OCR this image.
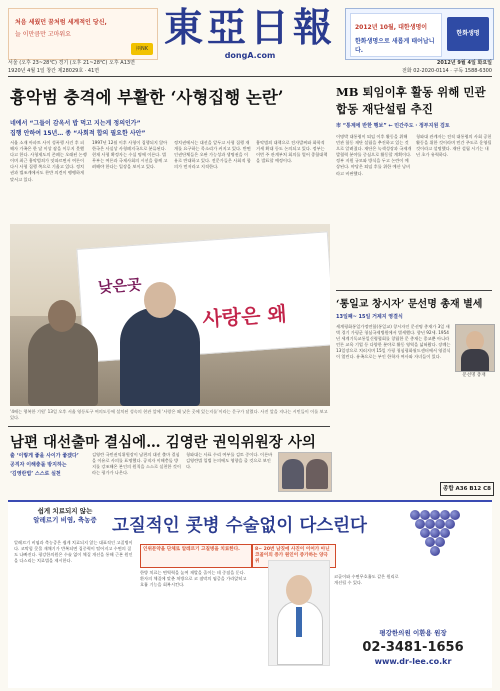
처음 세웠던 꿈처럼 세계적인 당신,
늘 이만큼만 고마워요
㈜NK 東亞日報
dongA.com
2012년 10월, 대한생명이
한화생명으로 새롭게 태어납니다.
한화생명
서울 (오후 23~28℃) 경기 (오후 21~28℃) 오후 A13면
1920년 4월 1일 창간 제28029호 · 41면
2012년 9월 4일 화요일
전화 02-2020-0114 · 구독 1588-6300
흉악범 충격에 부활한 ‘사형집행 논란’
네에서 “그들이 감옥서 밥 먹고 지는게 정의인가”
집행 안하여 15년… 종 “사회적 합의 필요한 사안”
서울 소재 아파트 사이 성폭행 사건 후 피해자 가족은 한 달 이상 잠을 이루지 못했다고 한다. 사형제도의 존폐는 오래된 논쟁이며 최근 흉악범죄가 잇따르면서 여론이 다시 사형 집행 쪽으로 기울고 있다. 정치권과 법조계에서도 찬반 의견이 팽팽하게 맞서고 있다.
1997년 12월 이후 사형이 집행되지 않아 한국은 사실상 사형폐지국으로 분류된다. 현재 사형 확정자는 수십 명에 이른다. 법무부는 여론과 국제사회의 시선을 함께 고려해야 한다는 입장을 보이고 있다.
정치권에서는 대선을 앞두고 사형 집행 재개를 요구하는 목소리가 커지고 있다. 반면 인권단체들은 오판 가능성과 생명권을 이유로 반대하고 있다. 전문가들은 사회적 합의가 먼저라고 지적한다.
흉악범죄 대책으로 전자발찌와 화학적 거세 확대 등도 논의되고 있다. 정부는 이번 주 관계부처 회의를 열어 종합대책을 발표할 예정이다.
낮은곳
사랑은 왜
‘4배는 행복한 기원’ 13일 오후 서울 영등포구 여의도동에 설치된 성숙의 현관 앞에 ‘사랑은 왜 낮은 곳에 있는지를’이라는 문구가 달렸다. 사진 앞을 지나는 시민들이 이를 보고 있다.
남편 대선출마 결심에… 김영란 권익위원장 사의
출 ‘이렇게 좋을 사이가 좋겠다’
공직자 이해충돌 방지하는
‘김영란법’ 스스로 실천
김영란 국민권익위원장이 남편의 대선 출마 결심을 이유로 사의를 표명했다. 공직자 이해충돌 방지를 강조해온 본인의 원칙을 스스로 실천한 것이라는 평가가 나온다.
청와대는 사표 수리 여부를 검토 중이다. 이른바 김영란법 입법 논의에도 영향을 줄 것으로 보인다.
MB 퇴임이후 활동 위해 민관합동 재단설립 추진
市 “통계에 반한 행보” ← 민간주도 · 정부지원 검토
이명박 대통령이 퇴임 이후 활동을 위해 민관 합동 재단 설립을 추진하고 있는 것으로 알려졌다. 재단은 녹색성장과 국제개발협력 분야를 중심으로 활동할 계획이다. 정부 지원 규모와 방식을 두고 논란이 예상된다. 야당은 퇴임 후를 위한 예산 낭비라고 비판했다.
청와대 관계자는 전직 대통령의 사회 공헌 활동을 위한 것이라며 민간 주도로 운영될 것이라고 설명했다. 재단 설립 시기는 내년 초가 유력하다.
‘통일교 창시자’ 문선명 총재 별세
13일째~ 15일 거제지 영결식
문선명 총재
세계평화통일가정연합(통일교) 창시자인 문선명 총재가 3일 새벽 경기 가평군 청심국제병원에서 별세했다. 향년 92세. 1954년 세계기독교통일신령협회를 창립한 문 총재는 종교뿐 아니라 언론 교육 기업 등 다양한 분야로 활동 영역을 넓혀왔다. 장례는 13일장으로 치러지며 15일 가평 청심평화월드센터에서 영결식이 열린다. 유족으로는 부인 한학자 여사와 자녀들이 있다.
종합 A36 B12 C8
쉽게 치료되지 않는
알레르기 비염, 축농증 고질적인 콧병 수술없이 다스린다
알레르기 비염과 축농증은 쉽게 치료되지 않는 대표적인 고질병이다. 코막힘 콧물 재채기가 반복되면 집중력이 떨어지고 수면의 질도 나빠진다. 평강한의원은 수술 없이 체질 개선을 통해 근본 원인을 다스리는 치료법을 제시한다.
인위문약을 단체로 알레르기 고질병을 치료한다.
한방 치료는 면역력을 높여 재발을 줄이는 데 중점을 둔다. 환자의 체질에 맞춘 처방으로 코 점막의 염증을 가라앉히고 호흡 기능을 회복시킨다.
8~ 20번 남짓에 사진이 이어가 아닌 코골이의 증가 원인이 증가하는 양극 위
코골이와 수면무호흡도 같은 원리로 개선될 수 있다.
평강한의원 이환용 원장
02-3481-1656
www.dr-lee.co.kr
